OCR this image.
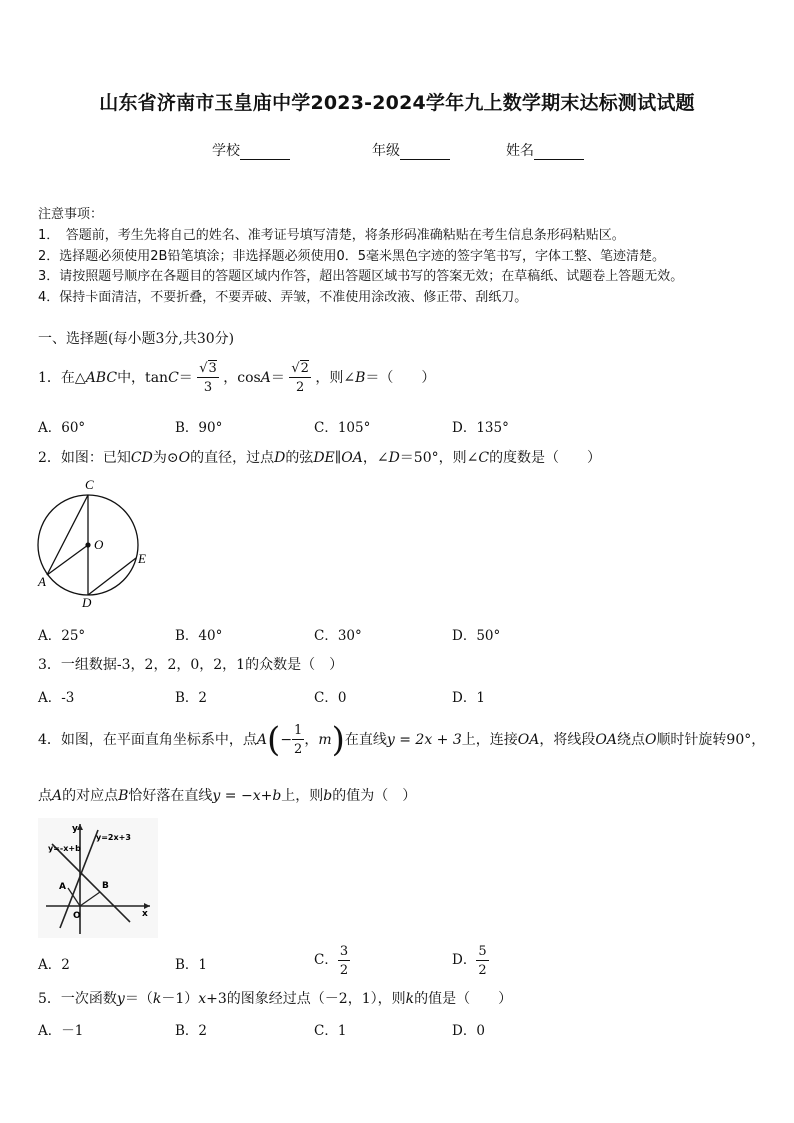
山东省济南市玉皇庙中学2023-2024学年九上数学期末达标测试试题
学校	年级	姓名
注意事项：
1．　答题前，考生先将自己的姓名、准考证号填写清楚，将条形码准确粘贴在考生信息条形码粘贴区。
2．选择题必须使用2B铅笔填涂；非选择题必须使用0．5毫米黑色字迹的签字笔书写，字体工整、笔迹清楚。
3．请按照题号顺序在各题目的答题区域内作答，超出答题区域书写的答案无效；在草稿纸、试题卷上答题无效。
4．保持卡面清洁，不要折叠，不要弄破、弄皱，不准使用涂改液、修正带、刮纸刀。
一、选择题(每小题3分,共30分)
1．在△ABC中，$\tan C= \frac{√3}{3}$ ，$\cos A= \frac{√2}{2}$ ，则∠B＝（　　）
A．60°	B．90°	C．105°	D．135°
2．如图：已知CD为⊙O的直径，过点D的弦DE∥OA，∠D＝50°，则∠C的度数是（　　）
C
O
E
A
D
A．25°	B．40°	C．30°	D．50°
3．一组数据-3，2，2，0，2，1的众数是（　）
A．-3	B．2	C．0	D．1
4．如图，在平面直角坐标系中，点$A(- \frac{1}{2}$ ，m)在直线y = 2x + 3上，连接OA，将线段OA绕点O顺时针旋转90°，
点A的对应点B恰好落在直线y = −x+b上，则b的值为（　）
y=2x+3
y=-x+b
y
x
O
A	B
A．2	B．1	C． $\frac{3}{2}$	D． $\frac{5}{2}$
5．一次函数y＝（k－1）x+3的图象经过点（－2，1），则k的值是（　　）
A．－1	B．2	C．1	D．0
